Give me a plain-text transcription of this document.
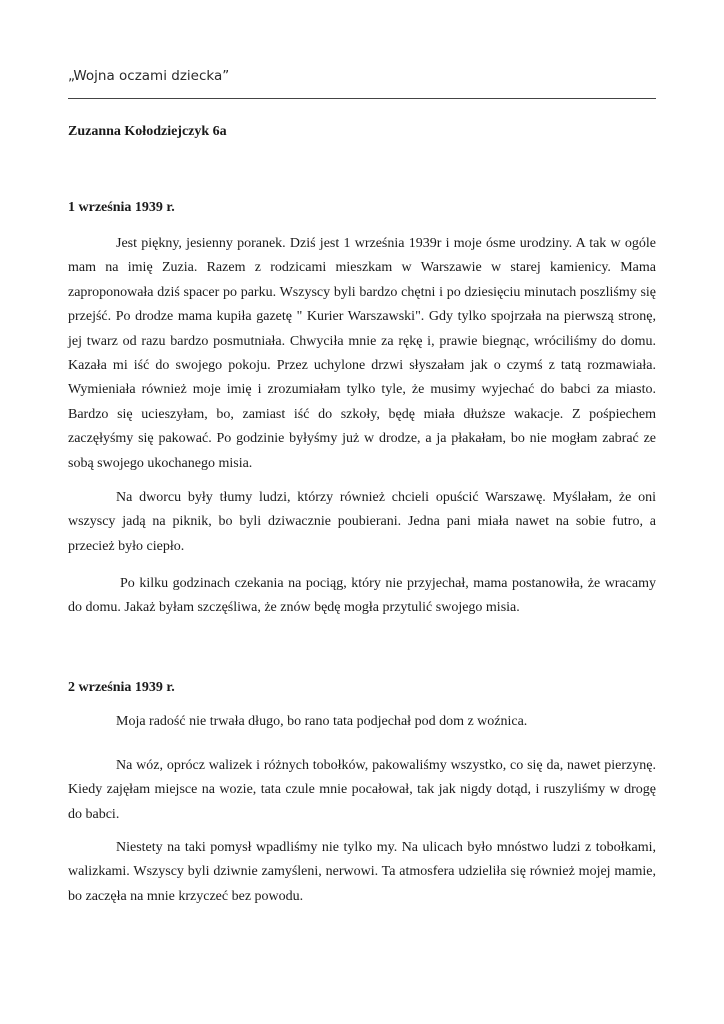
„Wojna oczami dziecka”

Zuzanna Kołodziejczyk 6a

1 września 1939 r.

Jest piękny, jesienny poranek. Dziś jest 1 września 1939r i moje ósme urodziny. A tak w ogóle mam na imię Zuzia. Razem z rodzicami mieszkam w Warszawie w starej kamienicy. Mama zaproponowała dziś spacer po parku. Wszyscy byli bardzo chętni i po dziesięciu minutach poszliśmy się przejść. Po drodze mama kupiła gazetę " Kurier Warszawski". Gdy tylko spojrzała na pierwszą stronę, jej twarz od razu bardzo posmutniała. Chwyciła mnie za rękę i, prawie biegnąc, wróciliśmy do domu. Kazała mi iść do swojego pokoju. Przez uchylone drzwi słyszałam jak o czymś z tatą rozmawiała. Wymieniała również moje imię i zrozumiałam tylko tyle, że musimy wyjechać do babci za miasto. Bardzo się ucieszyłam, bo, zamiast iść do szkoły, będę miała dłuższe wakacje. Z pośpiechem zaczęłyśmy się pakować. Po godzinie byłyśmy już w drodze, a ja płakałam, bo nie mogłam zabrać ze sobą swojego ukochanego misia.

Na dworcu były tłumy ludzi, którzy również chcieli opuścić Warszawę. Myślałam, że oni wszyscy jadą na piknik, bo byli dziwacznie poubierani. Jedna pani miała nawet na sobie futro, a przecież było ciepło.

Po kilku godzinach czekania na pociąg, który nie przyjechał, mama postanowiła, że wracamy do domu. Jakaż byłam szczęśliwa, że znów będę mogła przytulić swojego misia.

2 września 1939 r.

Moja radość nie trwała długo, bo rano tata podjechał pod dom z woźnica.

Na wóz, oprócz walizek i różnych tobołków, pakowaliśmy wszystko, co się da, nawet pierzynę. Kiedy zajęłam miejsce na wozie, tata czule mnie pocałował, tak jak nigdy dotąd, i ruszyliśmy w drogę do babci.

Niestety na taki pomysł wpadliśmy nie tylko my. Na ulicach było mnóstwo ludzi z tobołkami, walizkami. Wszyscy byli dziwnie zamyśleni, nerwowi. Ta atmosfera udzieliła się również mojej mamie, bo zaczęła na mnie krzyczeć bez powodu.
